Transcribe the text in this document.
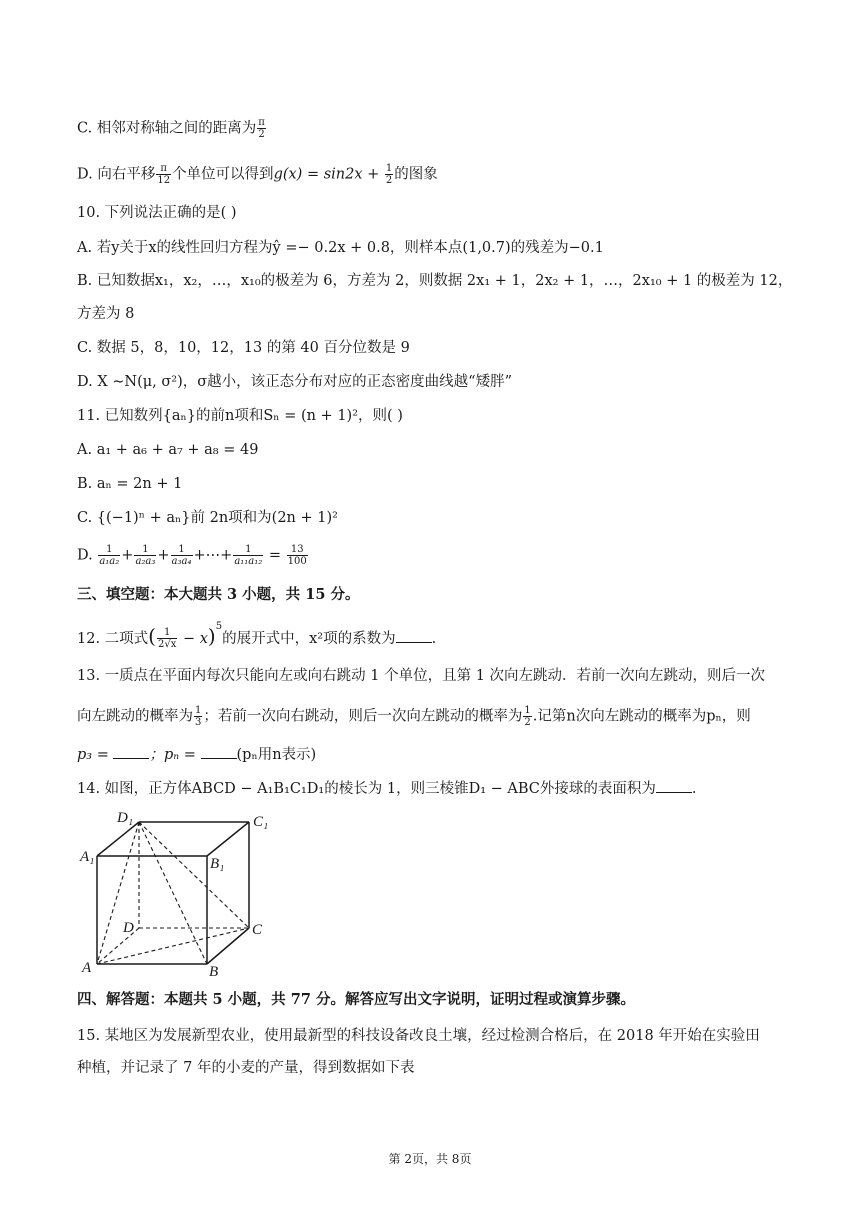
C. 相邻对称轴之间的距离为 $\frac{\pi}{2}$
D. 向右平移 $\frac{\pi}{12}$ 个单位可以得到$g(x) = \sin 2x + \frac{1}{2}$ 的图象
10. 下列说法正确的是( )
A. 若y关于x的线性回归方程为ŷ =− 0.2x + 0.8，则样本点(1,0.7)的残差为−0.1
B. 已知数据x₁，x₂，…，x₁₀的极差为 6，方差为 2，则数据 2x₁ + 1，2x₂ + 1，…，2x₁₀ + 1 的极差为 12，
方差为 8
C. 数据 5，8，10，12，13 的第 40 百分位数是 9
D. X ∼N(μ, σ²)，σ越小，该正态分布对应的正态密度曲线越“矮胖”
11. 已知数列{aₙ}的前n项和Sₙ = (n + 1)²，则( )
A. a₁ + a₆ + a₇ + a₈ = 49
B. aₙ = 2n + 1
C. {(−1)ⁿ + aₙ}前 2n项和为(2n + 1)²
D. $\frac{1}{\text{a₁a₂}} + \frac{1}{\text{a₂a₃}} + \frac{1}{\text{a₃a₄}}$ +⋯+ $\frac{1}{\text{a₁₁a₁₂}} = \frac{13}{100}$
三、填空题：本大题共 3 小题，共 15 分。
12. 二项式( $\frac{1}{2√x} - x)^5$的展开式中，x²项的系数为 .
13. 一质点在平面内每次只能向左或向右跳动 1 个单位，且第 1 次向左跳动．若前一次向左跳动，则后一次
向左跳动的概率为 $\frac{1}{3}$ ；若前一次向右跳动，则后一次向左跳动的概率为 $\frac{1}{2}$ .记第n次向左跳动的概率为pₙ，则
p₃ = ；pₙ = (pₙ用n表示)
14. 如图，正方体ABCD − A₁B₁C₁D₁的棱长为 1，则三棱锥D₁ − ABC外接球的表面积为 .
D₁	C₁
A₁	B₁
D	C
A	B
四、解答题：本题共 5 小题，共 77 分。解答应写出文字说明，证明过程或演算步骤。
15. 某地区为发展新型农业，使用最新型的科技设备改良土壤，经过检测合格后，在 2018 年开始在实验田
种植，并记录了 7 年的小麦的产量，得到数据如下表
第 2页，共 8页
